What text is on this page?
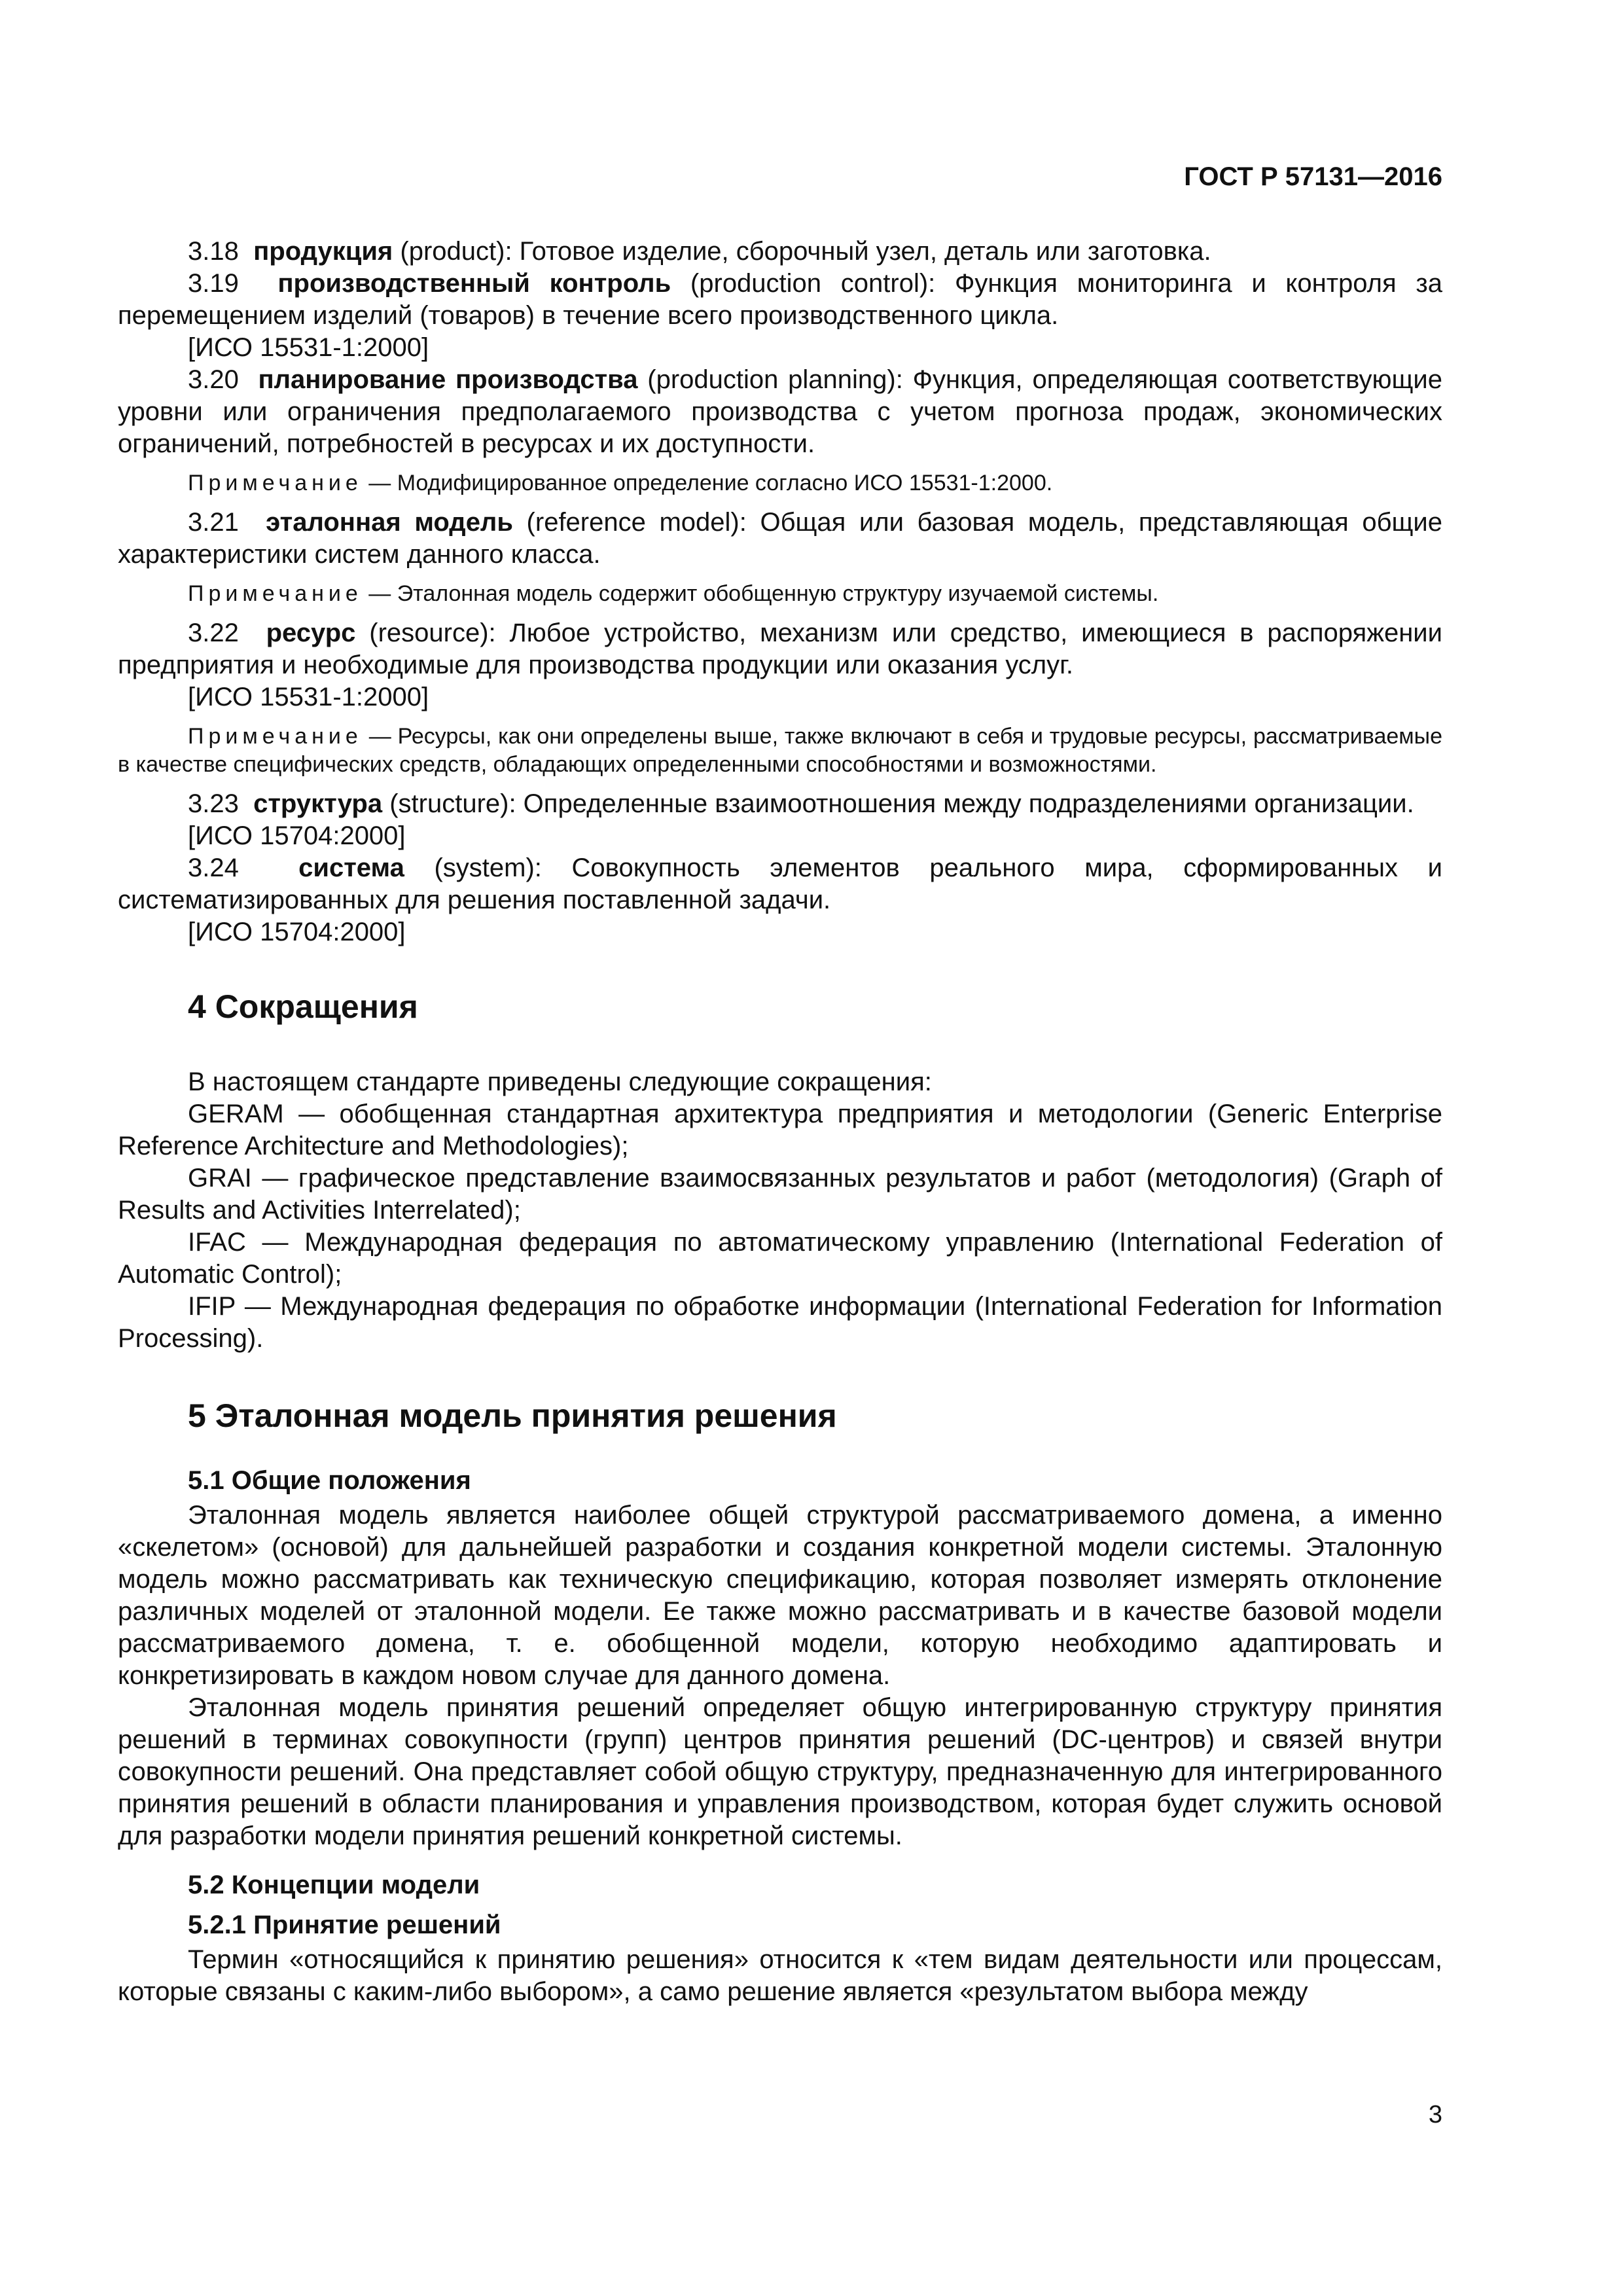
ГОСТ Р 57131—2016

3.18 продукция (product): Готовое изделие, сборочный узел, деталь или заготовка.

3.19 производственный контроль (production control): Функция мониторинга и контроля за перемещением изделий (товаров) в течение всего производственного цикла.

[ИСО 15531-1:2000]

3.20 планирование производства (production planning): Функция, определяющая соответствующие уровни или ограничения предполагаемого производства с учетом прогноза продаж, экономических ограничений, потребностей в ресурсах и их доступности.

Примечание — Модифицированное определение согласно ИСО 15531-1:2000.

3.21 эталонная модель (reference model): Общая или базовая модель, представляющая общие характеристики систем данного класса.

Примечание — Эталонная модель содержит обобщенную структуру изучаемой системы.

3.22 ресурс (resource): Любое устройство, механизм или средство, имеющиеся в распоряжении предприятия и необходимые для производства продукции или оказания услуг.

[ИСО 15531-1:2000]

Примечание — Ресурсы, как они определены выше, также включают в себя и трудовые ресурсы, рассматриваемые в качестве специфических средств, обладающих определенными способностями и возможностями.

3.23 структура (structure): Определенные взаимоотношения между подразделениями организации.

[ИСО 15704:2000]

3.24 система (system): Совокупность элементов реального мира, сформированных и систематизированных для решения поставленной задачи.

[ИСО 15704:2000]

4 Сокращения

В настоящем стандарте приведены следующие сокращения:

GERAM — обобщенная стандартная архитектура предприятия и методологии (Generic Enterprise Reference Architecture and Methodologies);

GRAI — графическое представление взаимосвязанных результатов и работ (методология) (Graph of Results and Activities Interrelated);

IFAC — Международная федерация по автоматическому управлению (International Federation of Automatic Control);

IFIP — Международная федерация по обработке информации (International Federation for Information Processing).

5 Эталонная модель принятия решения
5.1 Общие положения

Эталонная модель является наиболее общей структурой рассматриваемого домена, а именно «скелетом» (основой) для дальнейшей разработки и создания конкретной модели системы. Эталонную модель можно рассматривать как техническую спецификацию, которая позволяет измерять отклонение различных моделей от эталонной модели. Ее также можно рассматривать и в качестве базовой модели рассматриваемого домена, т. е. обобщенной модели, которую необходимо адаптировать и конкретизировать в каждом новом случае для данного домена.

Эталонная модель принятия решений определяет общую интегрированную структуру принятия решений в терминах совокупности (групп) центров принятия решений (DC-центров) и связей внутри совокупности решений. Она представляет собой общую структуру, предназначенную для интегрированного принятия решений в области планирования и управления производством, которая будет служить основой для разработки модели принятия решений конкретной системы.

5.2 Концепции модели
5.2.1 Принятие решений

Термин «относящийся к принятию решения» относится к «тем видам деятельности или процессам, которые связаны с каким-либо выбором», а само решение является «результатом выбора между

3
